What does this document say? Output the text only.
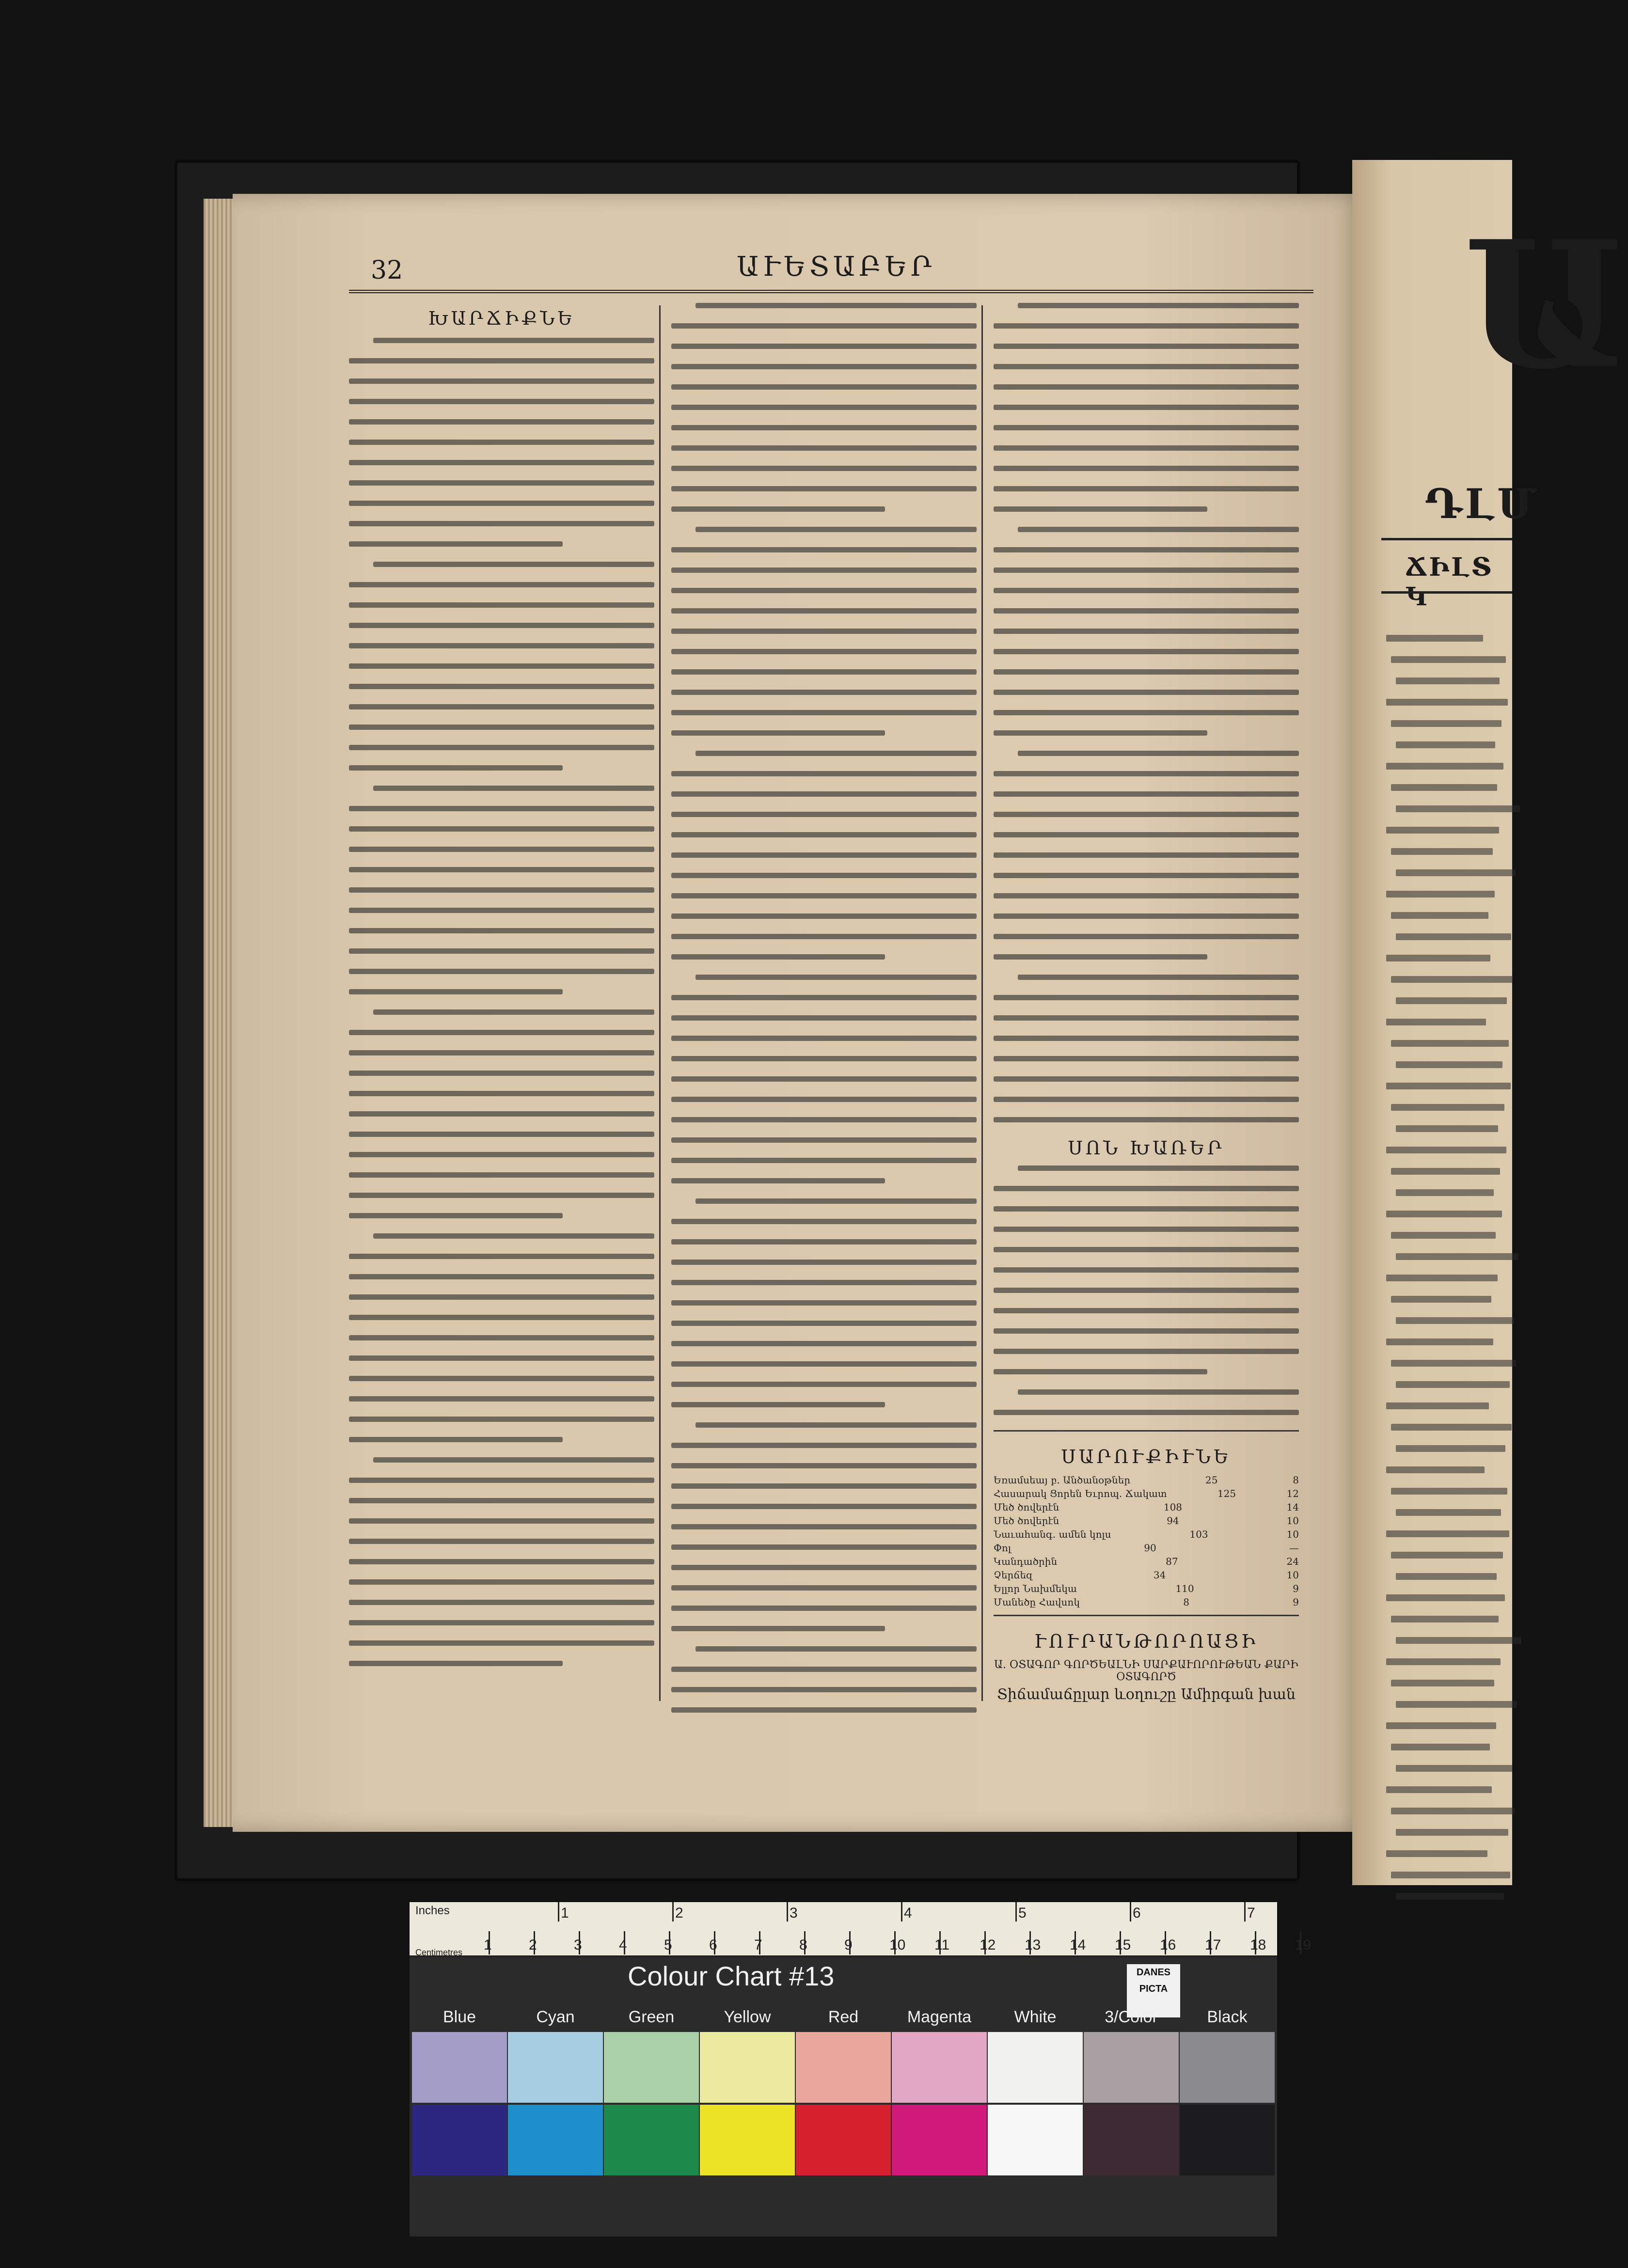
32	ԱՒԵՏԱԲԵՐ
ԽԱՐՃԻՔՆԵ
ՍՈՆ ԽԱՌԵՐ
ՍԱՐՈՒՔԻՒՆԵ
Եռամսեայ բ. Անծանօթներ	25	8
Հասարակ Ցորեն Եւրոպ. Ճակատ	125	12
Մեծ ծովերէն	108	14
Մեծ ծովերէն	94	10
Նաւահանգ. ամեն կոլս	103	10
Փոլ	90	—
Կանդածրին	87	24
Չերճեզ	34	10
Ելլոր Նախմեկա	110	9
Մանեծը Հավսոկ	8	9
ՒՈՒՐԱՆԹՈՐՈԱՑԻ
Ա. ՕՏԱԳՈՐ ԳՈՐԾԵԱԼՆԻ ՍԱՐՔԱՒՈՐՈՒԹԵԱՆ ՔԱՐԻ ՕՏԱԳՈՐԾ
Տիճամաճըլար ևօղուշը Ամիրգան խան
Ա
ԴԼՄ
ՃԻԼՏ Կ
Inches
Centimetres
1	2	3	4	5	6	7
1	2	3	4	5	6	7	8	9	10 11 12 13 14 15 16 17 18 19
Colour Chart #13	DANES PICTA
Blue	Cyan	Green	Yellow	Red	Magenta	White	3/Color	Black
